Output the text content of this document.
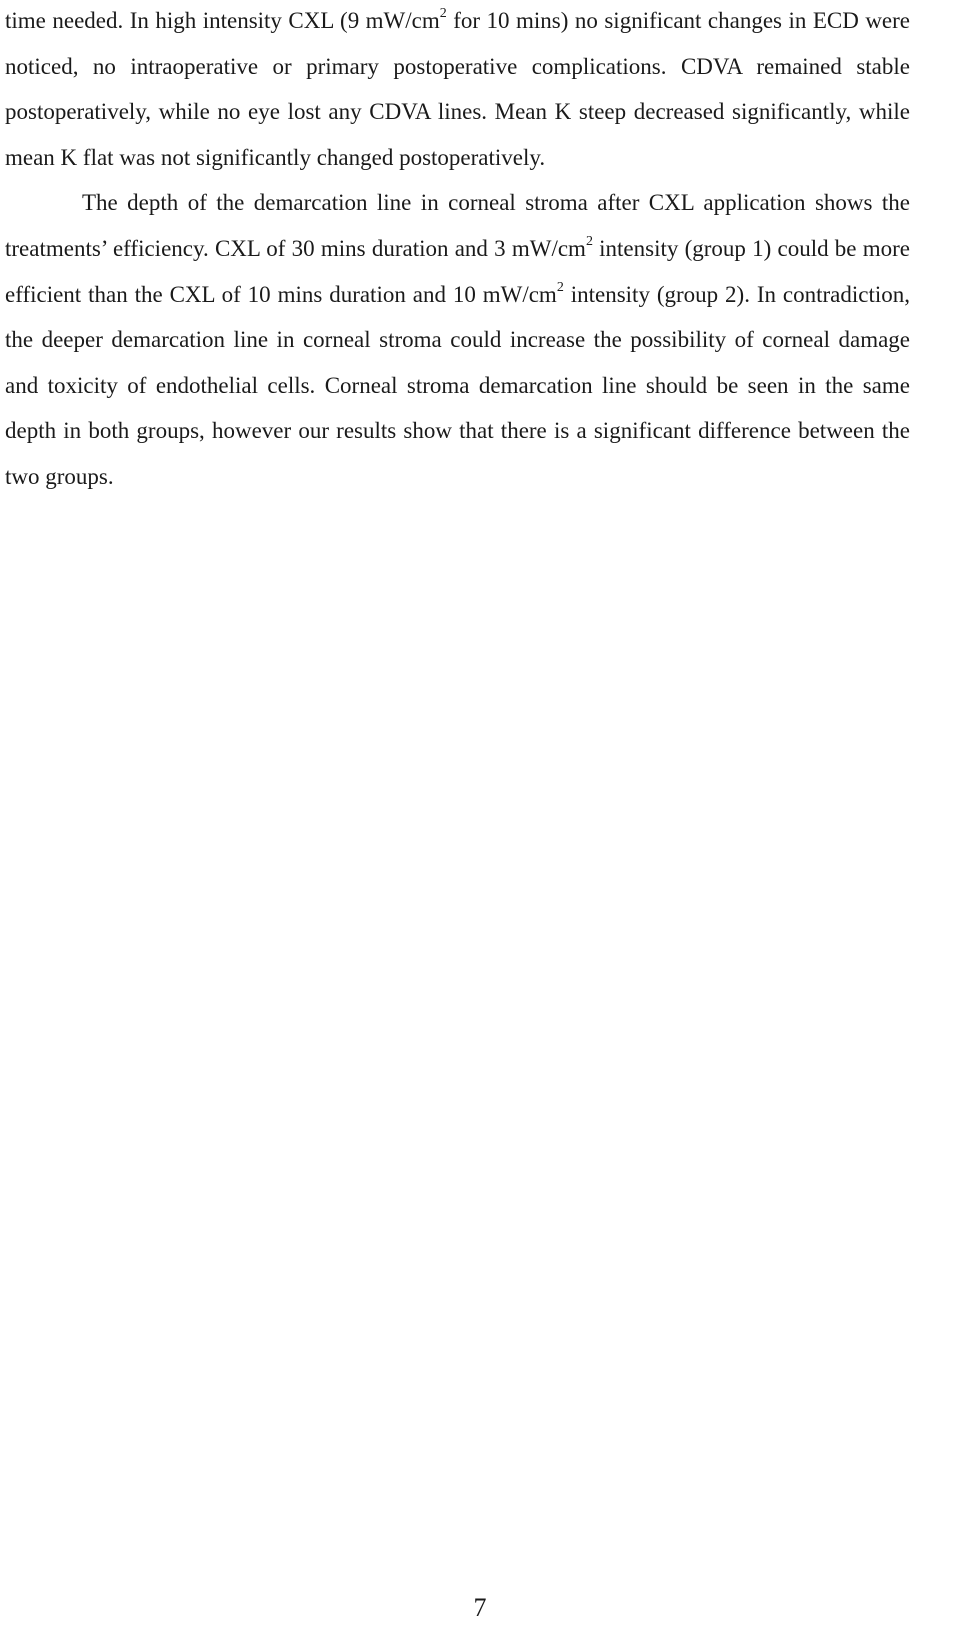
time needed. In high intensity CXL (9 $mW/cm^2$ for 10 mins) no significant changes in ECD were noticed, no intraoperative or primary postoperative complications. CDVA remained stable postoperatively, while no eye lost any CDVA lines. Mean K steep decreased significantly, while mean K flat was not significantly changed postoperatively.

The depth of the demarcation line in corneal stroma after CXL application shows the treatments’ efficiency. CXL of 30 mins duration and 3 $mW/cm^2$ intensity (group 1) could be more efficient than the CXL of 10 mins duration and 10 $mW/cm^2$ intensity (group 2). In contradiction, the deeper demarcation line in corneal stroma could increase the possibility of corneal damage and toxicity of endothelial cells. Corneal stroma demarcation line should be seen in the same depth in both groups, however our results show that there is a significant difference between the two groups.

7
